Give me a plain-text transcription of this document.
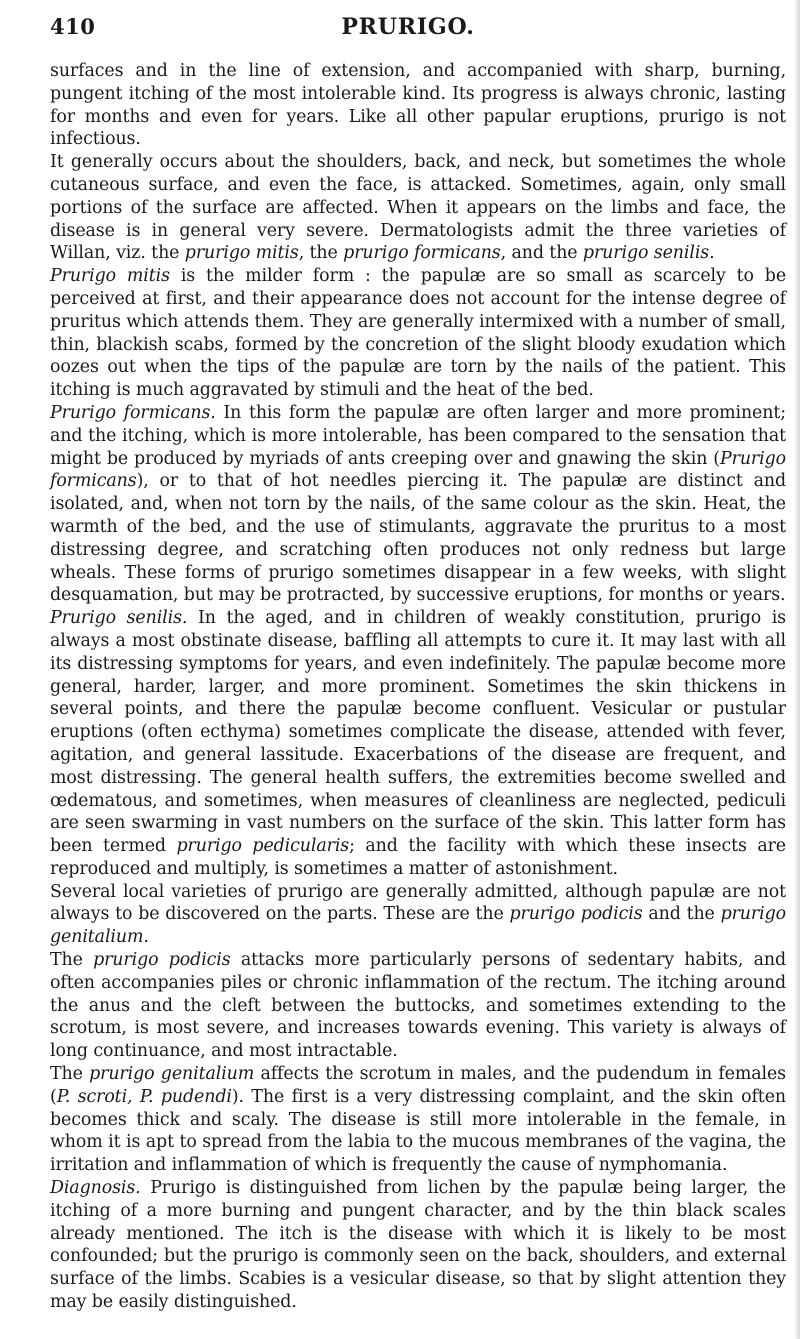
410	PRURIGO.

surfaces and in the line of extension, and accompanied with sharp, burning, pungent itching of the most intolerable kind. Its progress is always chronic, lasting for months and even for years. Like all other papular eruptions, prurigo is not infectious.

It generally occurs about the shoulders, back, and neck, but sometimes the whole cutaneous surface, and even the face, is attacked. Sometimes, again, only small portions of the surface are affected. When it appears on the limbs and face, the disease is in general very severe. Dermatologists admit the three varieties of Willan, viz. the prurigo mitis, the prurigo formicans, and the prurigo senilis.

Prurigo mitis is the milder form : the papulæ are so small as scarcely to be perceived at first, and their appearance does not account for the intense degree of pruritus which attends them. They are generally intermixed with a number of small, thin, blackish scabs, formed by the concretion of the slight bloody exudation which oozes out when the tips of the papulæ are torn by the nails of the patient. This itching is much aggravated by stimuli and the heat of the bed.

Prurigo formicans. In this form the papulæ are often larger and more prominent; and the itching, which is more intolerable, has been compared to the sensation that might be produced by myriads of ants creeping over and gnawing the skin (Prurigo formicans), or to that of hot needles piercing it. The papulæ are distinct and isolated, and, when not torn by the nails, of the same colour as the skin. Heat, the warmth of the bed, and the use of stimulants, aggravate the pruritus to a most distressing degree, and scratching often produces not only redness but large wheals. These forms of prurigo sometimes disappear in a few weeks, with slight desquamation, but may be protracted, by successive eruptions, for months or years.

Prurigo senilis. In the aged, and in children of weakly constitution, prurigo is always a most obstinate disease, baffling all attempts to cure it. It may last with all its distressing symptoms for years, and even indefinitely. The papulæ become more general, harder, larger, and more prominent. Sometimes the skin thickens in several points, and there the papulæ become confluent. Vesicular or pustular eruptions (often ecthyma) sometimes complicate the disease, attended with fever, agitation, and general lassitude. Exacerbations of the disease are frequent, and most distressing. The general health suffers, the extremities become swelled and œdematous, and sometimes, when measures of cleanliness are neglected, pediculi are seen swarming in vast numbers on the surface of the skin. This latter form has been termed prurigo pedicularis; and the facility with which these insects are reproduced and multiply, is sometimes a matter of astonishment.

Several local varieties of prurigo are generally admitted, although papulæ are not always to be discovered on the parts. These are the prurigo podicis and the prurigo genitalium.

The prurigo podicis attacks more particularly persons of sedentary habits, and often accompanies piles or chronic inflammation of the rectum. The itching around the anus and the cleft between the buttocks, and sometimes extending to the scrotum, is most severe, and increases towards evening. This variety is always of long continuance, and most intractable.

The prurigo genitalium affects the scrotum in males, and the pudendum in females (P. scroti, P. pudendi). The first is a very distressing complaint, and the skin often becomes thick and scaly. The disease is still more intolerable in the female, in whom it is apt to spread from the labia to the mucous membranes of the vagina, the irritation and inflammation of which is frequently the cause of nymphomania.

Diagnosis. Prurigo is distinguished from lichen by the papulæ being larger, the itching of a more burning and pungent character, and by the thin black scales already mentioned. The itch is the disease with which it is likely to be most confounded; but the prurigo is commonly seen on the back, shoulders, and external surface of the limbs. Scabies is a vesicular disease, so that by slight attention they may be easily distinguished.
